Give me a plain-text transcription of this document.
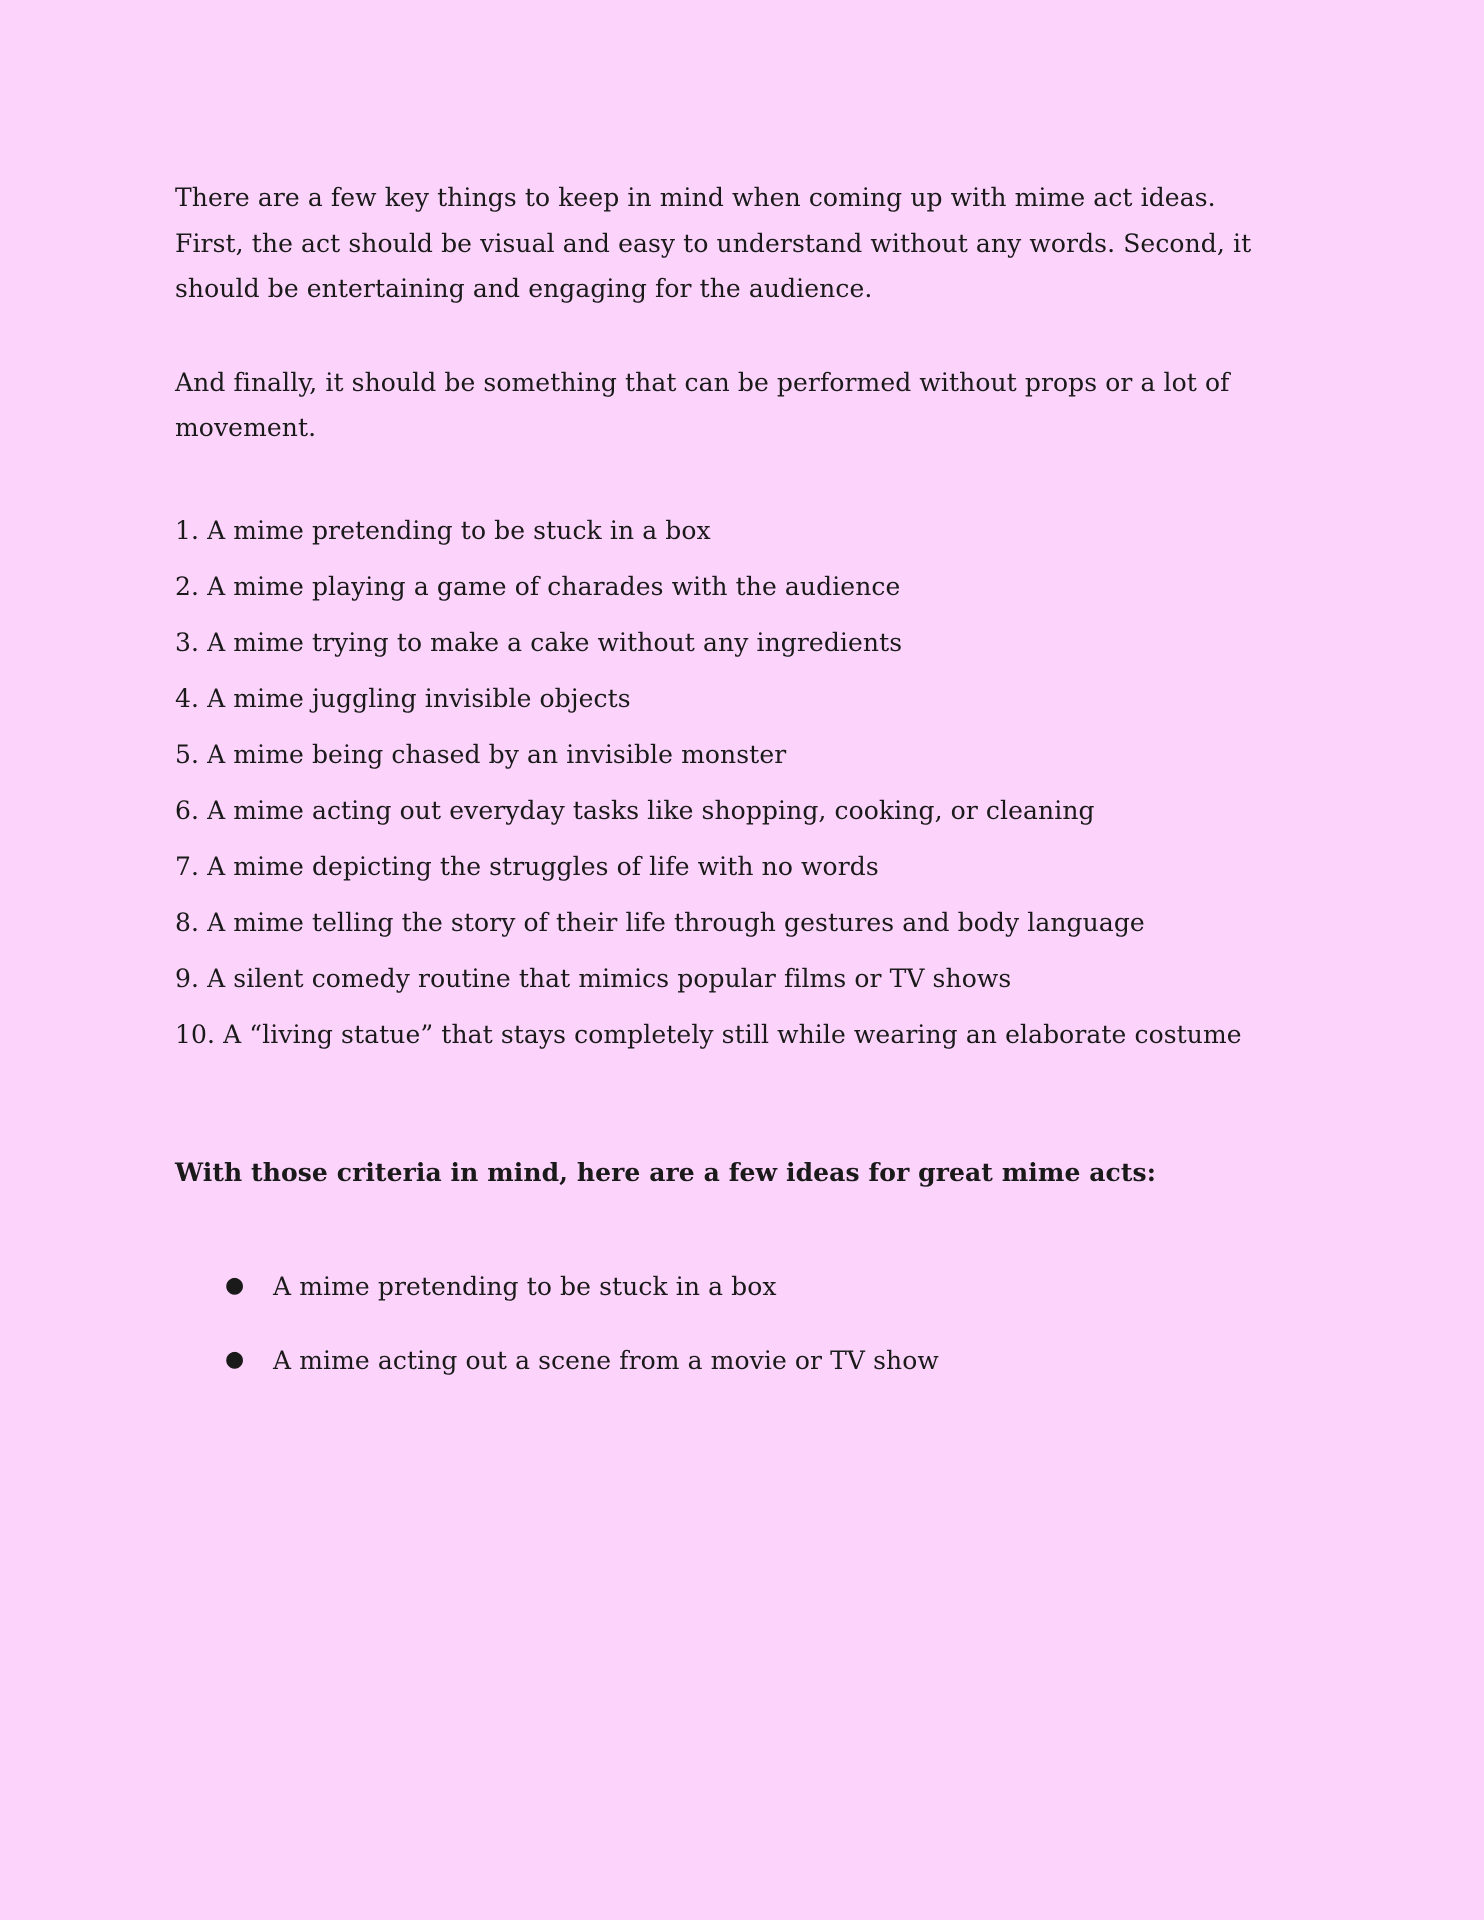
There are a few key things to keep in mind when coming up with mime act ideas. First, the act should be visual and easy to understand without any words. Second, it should be entertaining and engaging for the audience.

And finally, it should be something that can be performed without props or a lot of movement.

1. A mime pretending to be stuck in a box
2. A mime playing a game of charades with the audience
3. A mime trying to make a cake without any ingredients
4. A mime juggling invisible objects
5. A mime being chased by an invisible monster
6. A mime acting out everyday tasks like shopping, cooking, or cleaning
7. A mime depicting the struggles of life with no words
8. A mime telling the story of their life through gestures and body language
9. A silent comedy routine that mimics popular films or TV shows
10. A “living statue” that stays completely still while wearing an elaborate costume

With those criteria in mind, here are a few ideas for great mime acts:

● A mime pretending to be stuck in a box
● A mime acting out a scene from a movie or TV show
